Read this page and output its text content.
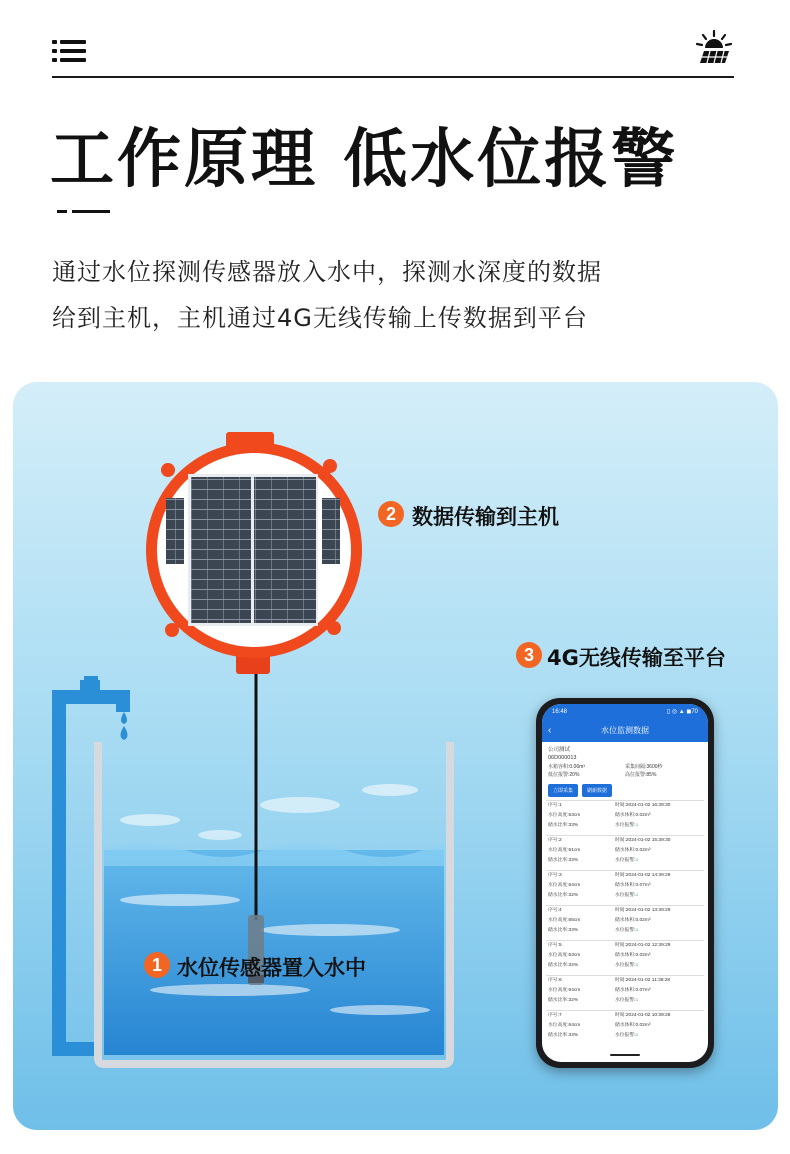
工作原理 低水位报警
通过水位探测传感器放入水中，探测水深度的数据
给到主机，主机通过4G无线传输上传数据到平台
2 数据传输到主机
3 4G无线传输至平台
1 水位传感器置入水中
16:48	▯ ◎ ▲ ◼70
‹	水位监测数据
公司测试
06D000013
水箱容积:0.06m³	采集间隔:3600秒
低位报警:20%	高位报警:85%
立即采集	刷新数据
序号:1	时间:2024-01-02 16:39:30
水位高度:63cm	储水体积:0.02m³
储水比率:33%	水位报警:⌂
序号:2	时间:2024-01-02 15:39:30
水位高度:61cm	储水体积:0.02m³
储水比率:33%	水位报警:⌂
序号:3	时间:2024-01-02 14:39:29
水位高度:64cm	储水体积:0.07m³
储水比率:32%	水位报警:⌂
序号:4	时间:2024-01-02 13:39:29
水位高度:65cm	储水体积:0.02m³
储水比率:33%	水位报警:⌂
序号:5	时间:2024-01-02 12:39:29
水位高度:63cm	储水体积:0.02m³
储水比率:32%	水位报警:⌂
序号:6	时间:2024-01-02 11:39:28
水位高度:64cm	储水体积:0.07m³
储水比率:32%	水位报警:⌂
序号:7	时间:2024-01-02 10:39:28
水位高度:64cm	储水体积:0.02m³
储水比率:33%	水位报警:⌂
